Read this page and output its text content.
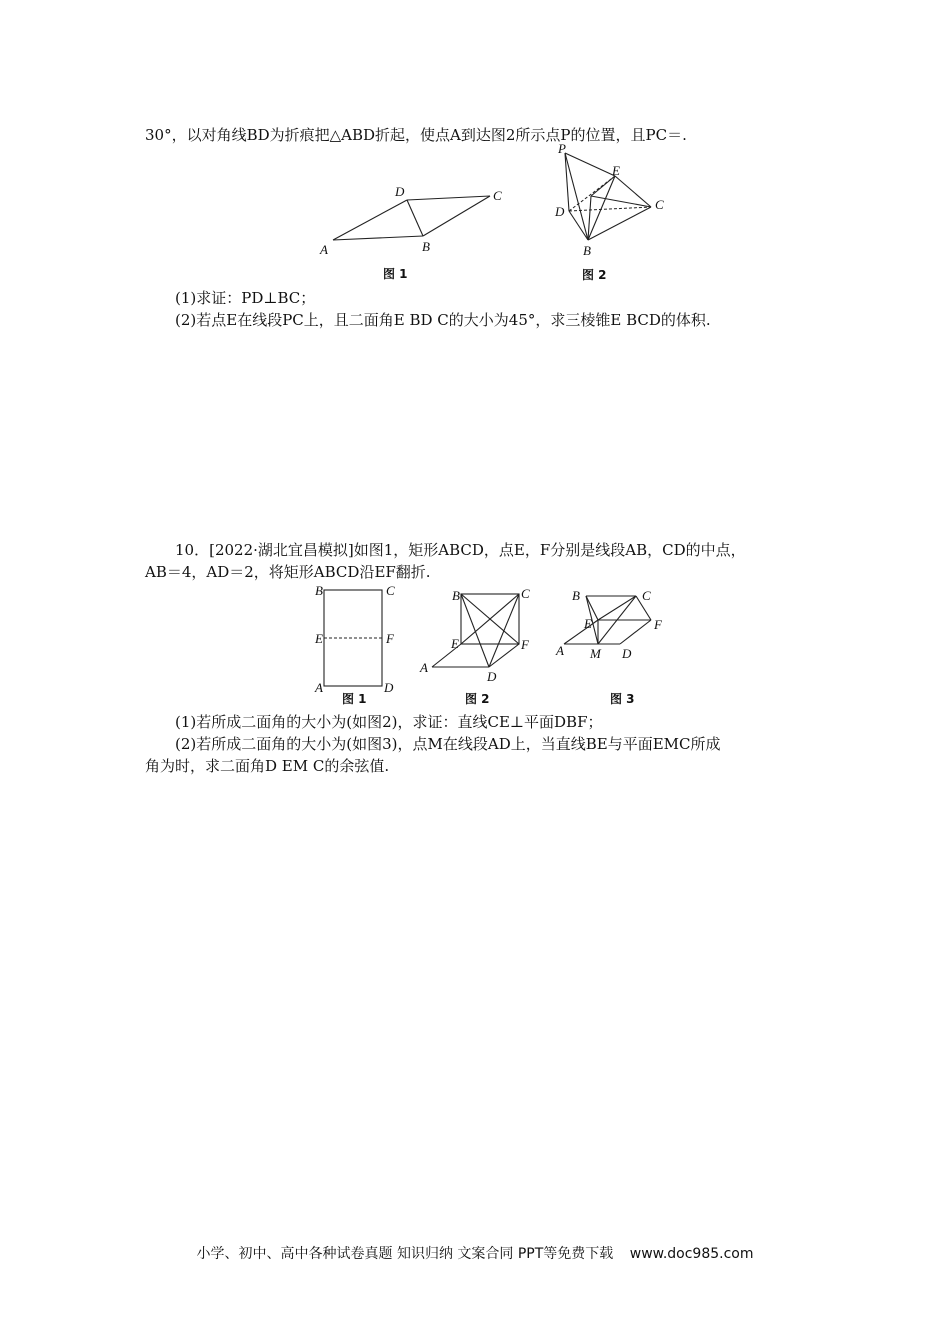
30°，以对角线BD为折痕把△ABD折起，使点A到达图2所示点P的位置，且PC＝.
A
D	C
B
图 1
P
E
D	C
B
图 2
(1)求证：PD⊥BC；
(2)若点E在线段PC上，且二面角E BD C的大小为45°，求三棱锥E BCD的体积.
10．[2022·湖北宜昌模拟]如图1，矩形ABCD，点E，F分别是线段AB，CD的中点，
AB＝4，AD＝2，将矩形ABCD沿EF翻折.
B	C
E	F
A	D
图 1
B	C
E	F
A
D
图 2
B	C
E	F
A M D
图 3
(1)若所成二面角的大小为(如图2)，求证：直线CE⊥平面DBF；
(2)若所成二面角的大小为(如图3)，点M在线段AD上，当直线BE与平面EMC所成
角为时，求二面角D EM C的余弦值.
小学、初中、高中各种试卷真题 知识归纳 文案合同 PPT等免费下载 www.doc985.com
